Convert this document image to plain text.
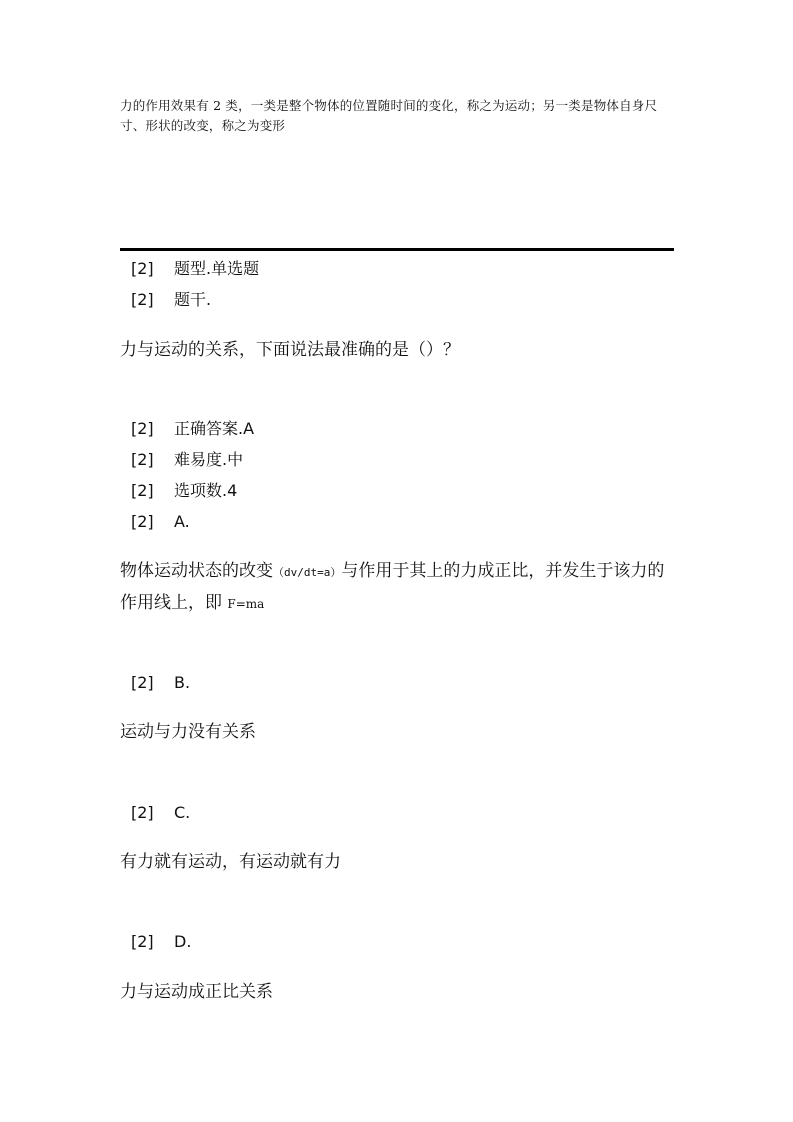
力的作用效果有 2 类，一类是整个物体的位置随时间的变化，称之为运动；另一类是物体自身尺寸、形状的改变，称之为变形

[2] 题型.单选题
[2] 题干.

力与运动的关系，下面说法最准确的是（）？

[2] 正确答案.A
[2] 难易度.中
[2] 选项数.4
[2] A.

物体运动状态的改变（dv/dt=a）与作用于其上的力成正比，并发生于该力的作用线上，即 F=ma

[2] B.

运动与力没有关系

[2] C.

有力就有运动，有运动就有力

[2] D.

力与运动成正比关系
